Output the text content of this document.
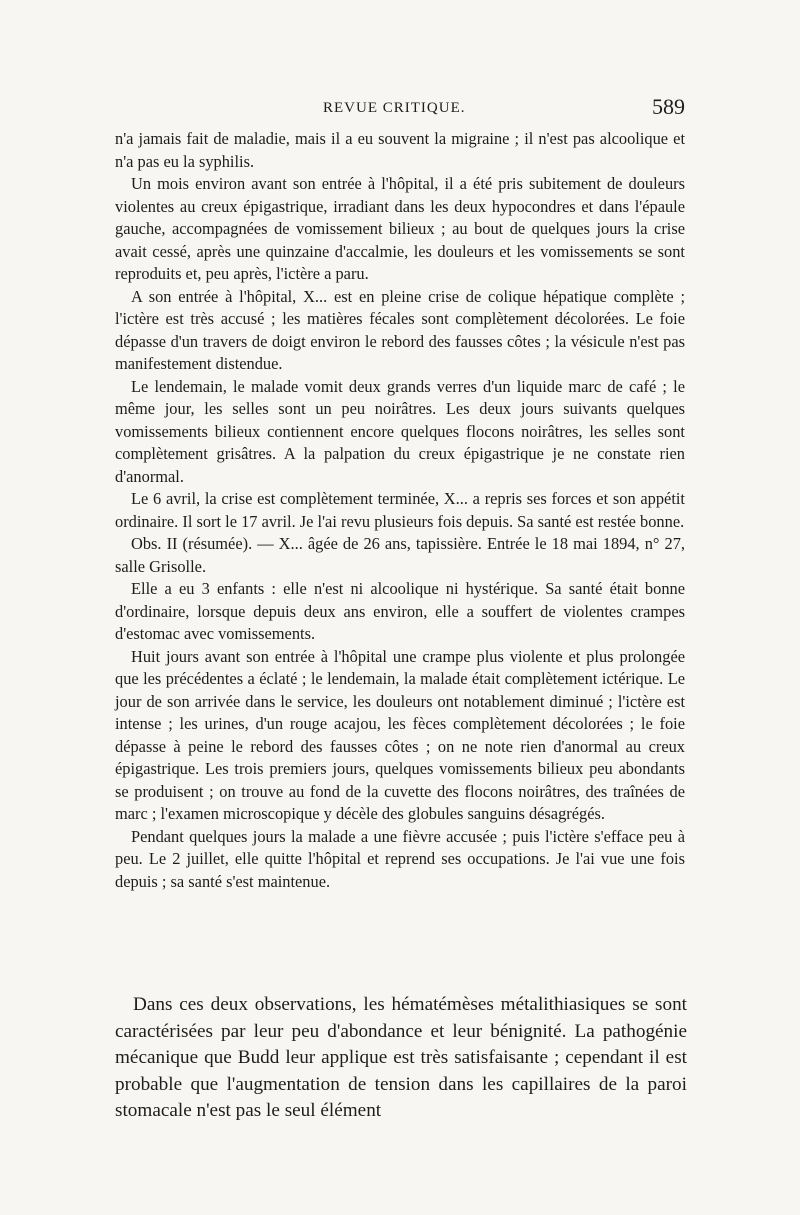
REVUE CRITIQUE.	589

n'a jamais fait de maladie, mais il a eu souvent la migraine ; il n'est pas alcoolique et n'a pas eu la syphilis.

Un mois environ avant son entrée à l'hôpital, il a été pris subitement de douleurs violentes au creux épigastrique, irradiant dans les deux hypocondres et dans l'épaule gauche, accompagnées de vomissement bilieux ; au bout de quelques jours la crise avait cessé, après une quinzaine d'accalmie, les douleurs et les vomissements se sont reproduits et, peu après, l'ictère a paru.

A son entrée à l'hôpital, X... est en pleine crise de colique hépatique complète ; l'ictère est très accusé ; les matières fécales sont complètement décolorées. Le foie dépasse d'un travers de doigt environ le rebord des fausses côtes ; la vésicule n'est pas manifestement distendue.

Le lendemain, le malade vomit deux grands verres d'un liquide marc de café ; le même jour, les selles sont un peu noirâtres. Les deux jours suivants quelques vomissements bilieux contiennent encore quelques flocons noirâtres, les selles sont complètement grisâtres. A la palpation du creux épigastrique je ne constate rien d'anormal.

Le 6 avril, la crise est complètement terminée, X... a repris ses forces et son appétit ordinaire. Il sort le 17 avril. Je l'ai revu plusieurs fois depuis. Sa santé est restée bonne.

Obs. II (résumée). — X... âgée de 26 ans, tapissière. Entrée le 18 mai 1894, n° 27, salle Grisolle.

Elle a eu 3 enfants : elle n'est ni alcoolique ni hystérique. Sa santé était bonne d'ordinaire, lorsque depuis deux ans environ, elle a souffert de violentes crampes d'estomac avec vomissements.

Huit jours avant son entrée à l'hôpital une crampe plus violente et plus prolongée que les précédentes a éclaté ; le lendemain, la malade était complètement ictérique. Le jour de son arrivée dans le service, les douleurs ont notablement diminué ; l'ictère est intense ; les urines, d'un rouge acajou, les fèces complètement décolorées ; le foie dépasse à peine le rebord des fausses côtes ; on ne note rien d'anormal au creux épigastrique. Les trois premiers jours, quelques vomissements bilieux peu abondants se produisent ; on trouve au fond de la cuvette des flocons noirâtres, des traînées de marc ; l'examen microscopique y décèle des globules sanguins désagrégés.

Pendant quelques jours la malade a une fièvre accusée ; puis l'ictère s'efface peu à peu. Le 2 juillet, elle quitte l'hôpital et reprend ses occupations. Je l'ai vue une fois depuis ; sa santé s'est maintenue.

Dans ces deux observations, les hématémèses métalithiasiques se sont caractérisées par leur peu d'abondance et leur bénignité. La pathogénie mécanique que Budd leur applique est très satisfaisante ; cependant il est probable que l'augmentation de tension dans les capillaires de la paroi stomacale n'est pas le seul élément
